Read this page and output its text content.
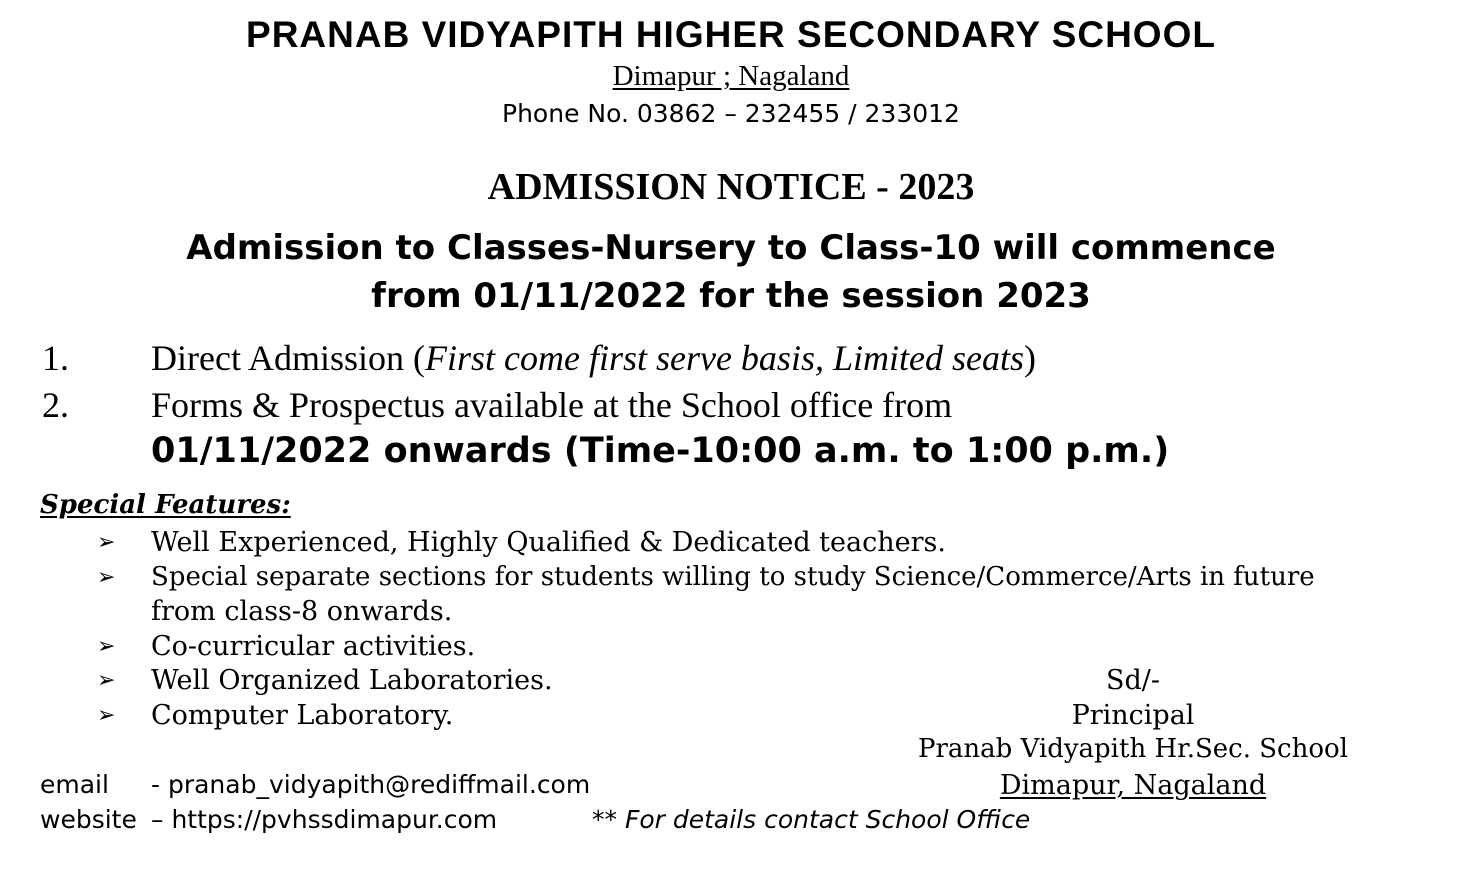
PRANAB VIDYAPITH HIGHER SECONDARY SCHOOL
Dimapur ; Nagaland
Phone No. 03862 – 232455 / 233012
ADMISSION NOTICE - 2023
Admission to Classes-Nursery to Class-10 will commence
from 01/11/2022 for the session 2023
1. Direct Admission (First come first serve basis, Limited seats)
2. Forms & Prospectus available at the School office from
01/11/2022 onwards (Time-10:00 a.m. to 1:00 p.m.)
Special Features:
➢ Well Experienced, Highly Qualified & Dedicated teachers.
➢ Special separate sections for students willing to study Science/Commerce/Arts in future
from class-8 onwards.
➢ Co-curricular activities.
➢ Well Organized Laboratories.
➢ Computer Laboratory.
Sd/-
Principal
Pranab Vidyapith Hr.Sec. School
Dimapur, Nagaland
email - pranab_vidyapith@rediffmail.com
website – https://pvhssdimapur.com	** For details contact School Office
